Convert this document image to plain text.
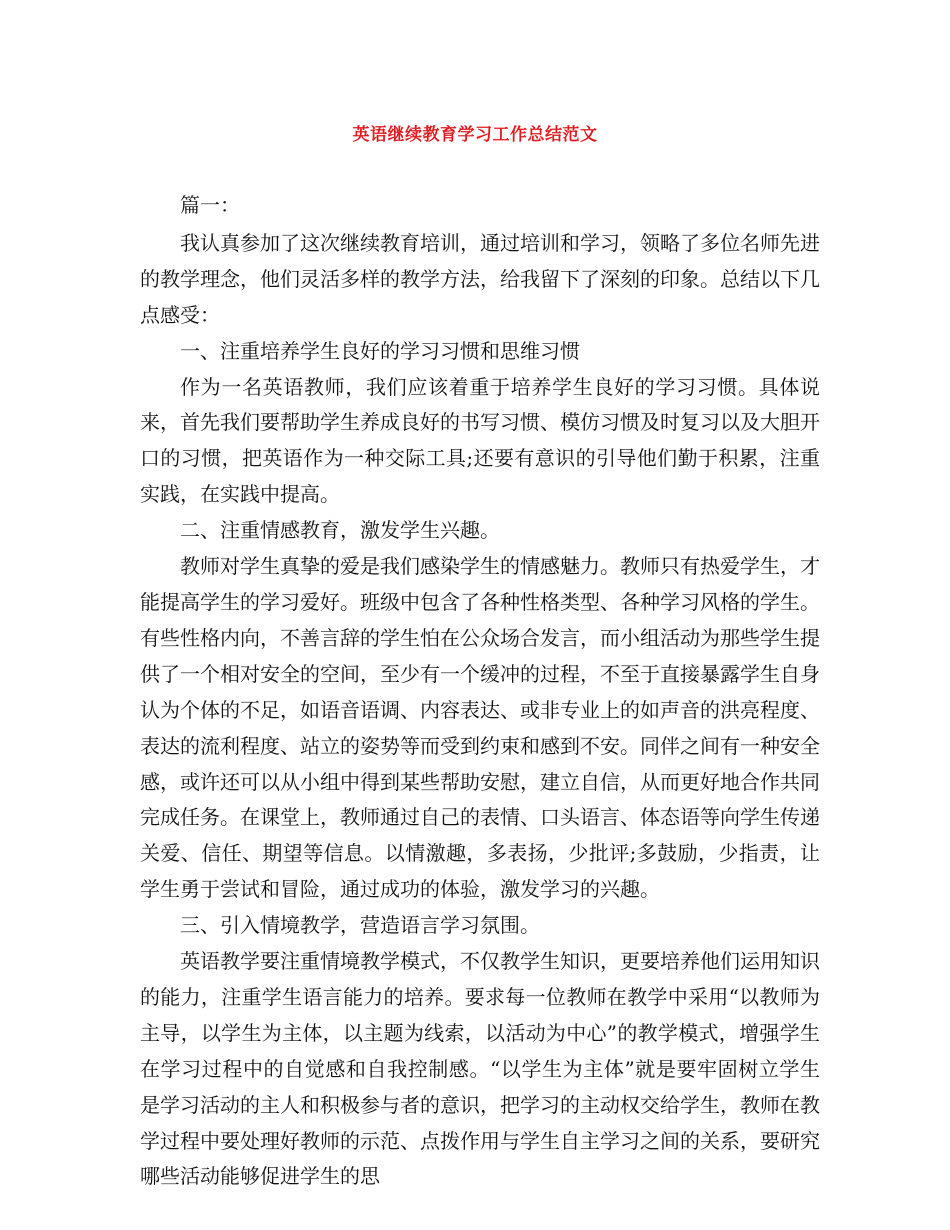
英语继续教育学习工作总结范文

篇一：

我认真参加了这次继续教育培训，通过培训和学习，领略了多位名师先进的教学理念，他们灵活多样的教学方法，给我留下了深刻的印象。总结以下几点感受：

一、注重培养学生良好的学习习惯和思维习惯

作为一名英语教师，我们应该着重于培养学生良好的学习习惯。具体说来，首先我们要帮助学生养成良好的书写习惯、模仿习惯及时复习以及大胆开口的习惯，把英语作为一种交际工具;还要有意识的引导他们勤于积累，注重实践，在实践中提高。

二、注重情感教育，激发学生兴趣。

教师对学生真挚的爱是我们感染学生的情感魅力。教师只有热爱学生，才能提高学生的学习爱好。班级中包含了各种性格类型、各种学习风格的学生。有些性格内向，不善言辞的学生怕在公众场合发言，而小组活动为那些学生提供了一个相对安全的空间，至少有一个缓冲的过程，不至于直接暴露学生自身认为个体的不足，如语音语调、内容表达、或非专业上的如声音的洪亮程度、表达的流利程度、站立的姿势等而受到约束和感到不安。同伴之间有一种安全感，或许还可以从小组中得到某些帮助安慰，建立自信，从而更好地合作共同完成任务。在课堂上，教师通过自己的表情、口头语言、体态语等向学生传递关爱、信任、期望等信息。以情激趣，多表扬，少批评;多鼓励，少指责，让学生勇于尝试和冒险，通过成功的体验，激发学习的兴趣。

三、引入情境教学，营造语言学习氛围。

英语教学要注重情境教学模式，不仅教学生知识，更要培养他们运用知识的能力，注重学生语言能力的培养。要求每一位教师在教学中采用“以教师为主导，以学生为主体，以主题为线索，以活动为中心”的教学模式，增强学生在学习过程中的自觉感和自我控制感。“以学生为主体”就是要牢固树立学生是学习活动的主人和积极参与者的意识，把学习的主动权交给学生，教师在教学过程中要处理好教师的示范、点拨作用与学生自主学习之间的关系，要研究哪些活动能够促进学生的思
